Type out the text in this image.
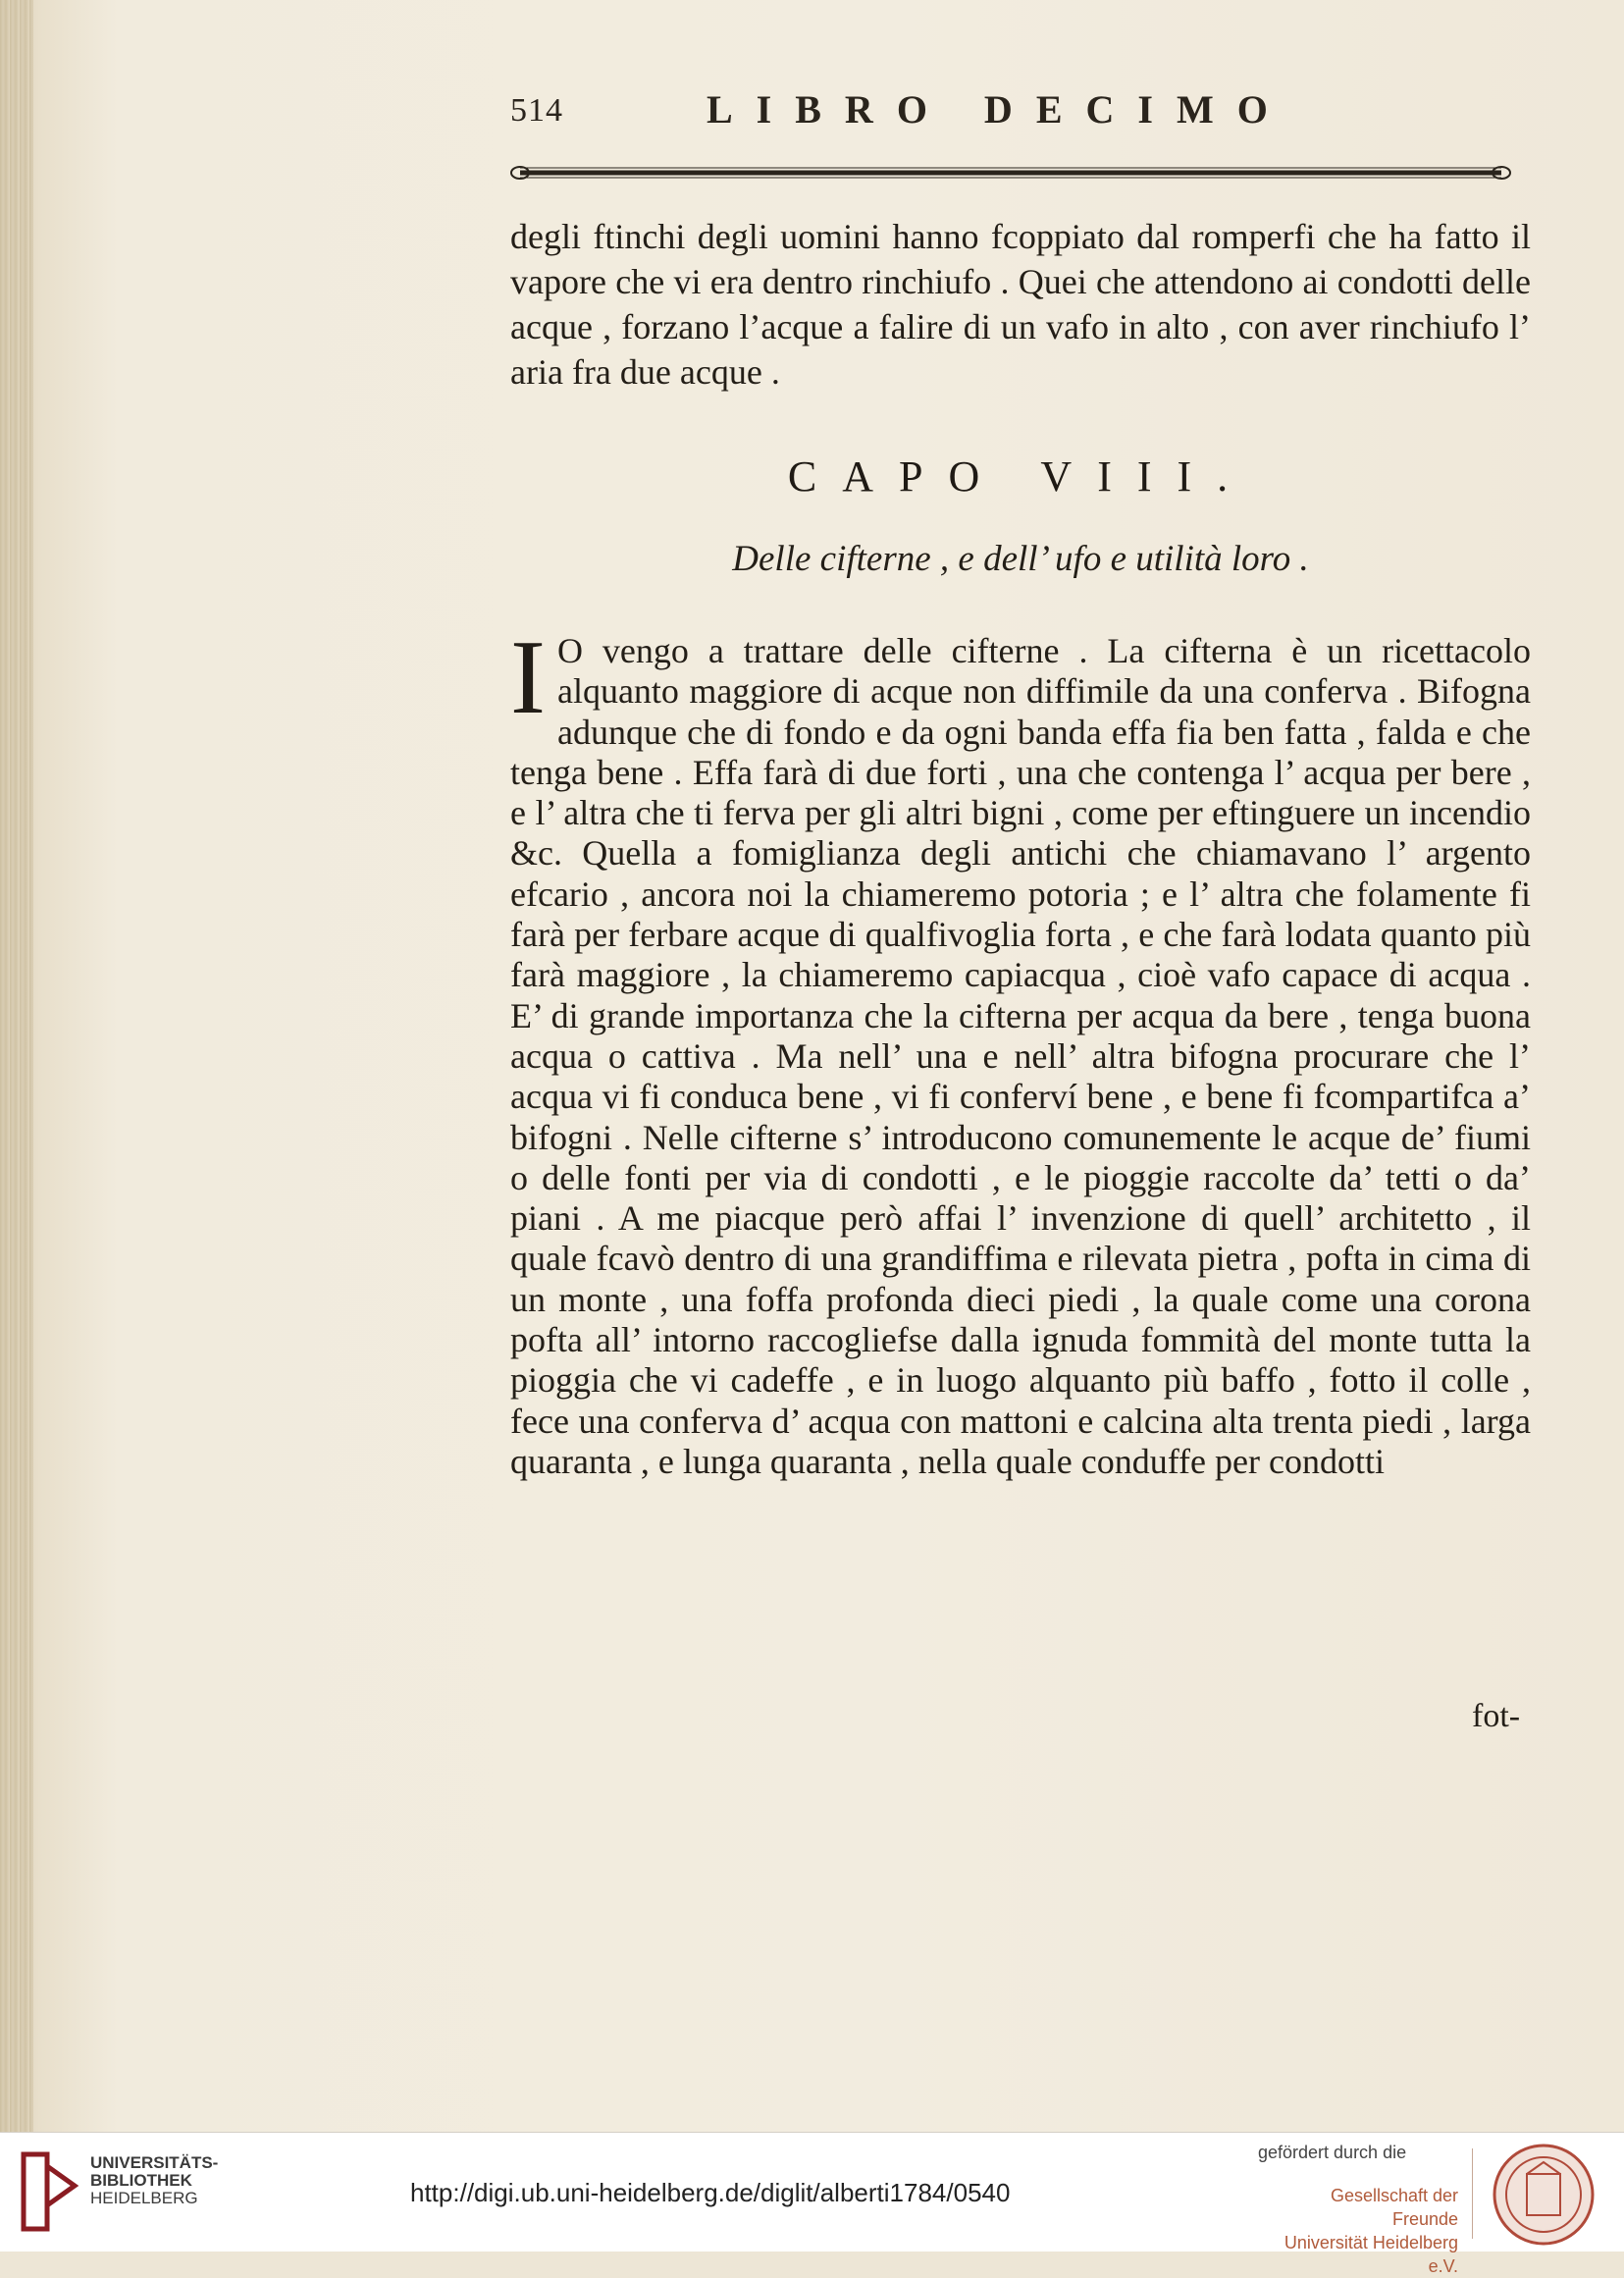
514	LIBRO DECIMO

degli ftinchi degli uomini hanno fcoppiato dal romperfi che ha fatto il vapore che vi era dentro rinchiufo . Quei che attendono ai condotti delle acque , forzano l’acque a falire di un vafo in alto , con aver rinchiufo l’ aria fra due acque .

CAPO VIII.
Delle cifterne , e dell’ ufo e utilità loro .
I O vengo a trattare delle cifterne . La cifterna è un ricettacolo alquanto maggiore di acque non diffimile da una conferva . Bifogna adunque che di fondo e da ogni banda effa fia ben fatta , falda e che tenga bene . Effa farà di due forti , una che contenga l’ acqua per bere , e l’ altra che ti ferva per gli altri bigni , come per eftinguere un incendio &c. Quella a fomiglianza degli antichi che chiamavano l’ argento efcario , ancora noi la chiameremo potoria ; e l’ altra che folamente fi farà per ferbare acque di qualfivoglia forta , e che farà lodata quanto più farà maggiore , la chiameremo capiacqua , cioè vafo capace di acqua . E’ di grande importanza che la cifterna per acqua da bere , tenga buona acqua o cattiva . Ma nell’ una e nell’ altra bifogna procurare che l’ acqua vi fi conduca bene , vi fi conferví bene , e bene fi fcompartifca a’ bifogni . Nelle cifterne s’ introducono comunemente le acque de’ fiumi o delle fonti per via di condotti , e le pioggie raccolte da’ tetti o da’ piani . A me piacque però affai l’ invenzione di quell’ architetto , il quale fcavò dentro di una grandiffima e rilevata pietra , pofta in cima di un monte , una foffa profonda dieci piedi , la quale come una corona pofta all’ intorno raccogliefse dalla ignuda fommità del monte tutta la pioggia che vi cadeffe , e in luogo alquanto più baffo , fotto il colle , fece una conferva d’ acqua con mattoni e calcina alta trenta piedi , larga quaranta , e lunga quaranta , nella quale conduffe per condotti
fot-
UNIVERSITÄTS-
BIBLIOTHEK
HEIDELBERG	http://digi.ub.uni-heidelberg.de/diglit/alberti1784/0540
gefördert durch die
Gesellschaft der Freunde
Universität Heidelberg e.V.
